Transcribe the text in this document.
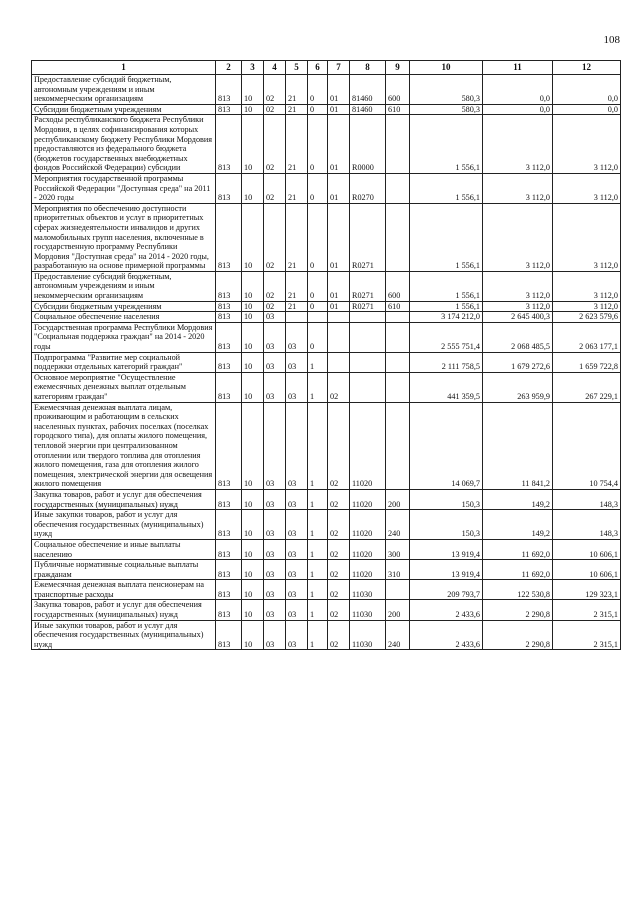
108
1	2	3	4	5	6	7	8	9	10	11	12
Предоставление субсидий бюджетным, автономным учреждениям и иным некоммерческим организациям	813	10	02	21	0	01	81460	600	580,3	0,0	0,0
Субсидии бюджетным учреждениям	813	10	02	21	0	01	81460	610	580,3	0,0	0,0
Расходы республиканского бюджета Республики Мордовия, в целях софинансирования которых республиканскому бюджету Республики Мордовия предоставляются из федерального бюджета (бюджетов государственных внебюджетных фондов Российской Федерации) субсидии	813	10	02	21	0	01	R0000		1 556,1	3 112,0	3 112,0
Мероприятия государственной программы Российской Федерации "Доступная среда" на 2011 - 2020 годы	813	10	02	21	0	01	R0270		1 556,1	3 112,0	3 112,0
Мероприятия по обеспечению доступности приоритетных объектов и услуг в приоритетных сферах жизнедеятельности инвалидов и других маломобильных групп населения, включенные в государственную программу Республики Мордовия "Доступная среда" на 2014 - 2020 годы, разработанную на основе примерной программы	813	10	02	21	0	01	R0271		1 556,1	3 112,0	3 112,0
Предоставление субсидий бюджетным, автономным учреждениям и иным некоммерческим организациям	813	10	02	21	0	01	R0271	600	1 556,1	3 112,0	3 112,0
Субсидии бюджетным учреждениям	813	10	02	21	0	01	R0271	610	1 556,1	3 112,0	3 112,0
Социальное обеспечение населения	813	10	03						3 174 212,0	2 645 400,3	2 623 579,6
Государственная программа Республики Мордовия "Социальная поддержка граждан" на 2014 - 2020 годы	813	10	03	03	0				2 555 751,4	2 068 485,5	2 063 177,1
Подпрограмма "Развитие мер социальной поддержки отдельных категорий граждан"	813	10	03	03	1				2 111 758,5	1 679 272,6	1 659 722,8
Основное мероприятие "Осуществление ежемесячных денежных выплат отдельным категориям граждан"	813	10	03	03	1	02			441 359,5	263 959,9	267 229,1
Ежемесячная денежная выплата лицам, проживающим и работающим в сельских населенных пунктах, рабочих поселках (поселках городского типа), для оплаты жилого помещения, тепловой энергии при централизованном отоплении или твердого топлива для отопления жилого помещения, газа для отопления жилого помещения, электрической энергии для освещения жилого помещения	813	10	03	03	1	02	11020		14 069,7	11 841,2	10 754,4
Закупка товаров, работ и услуг для обеспечения государственных (муниципальных) нужд	813	10	03	03	1	02	11020	200	150,3	149,2	148,3
Иные закупки товаров, работ и услуг для обеспечения государственных (муниципальных) нужд	813	10	03	03	1	02	11020	240	150,3	149,2	148,3
Социальное обеспечение и иные выплаты населению	813	10	03	03	1	02	11020	300	13 919,4	11 692,0	10 606,1
Публичные нормативные социальные выплаты гражданам	813	10	03	03	1	02	11020	310	13 919,4	11 692,0	10 606,1
Ежемесячная денежная выплата пенсионерам на транспортные расходы	813	10	03	03	1	02	11030		209 793,7	122 530,8	129 323,1
Закупка товаров, работ и услуг для обеспечения государственных (муниципальных) нужд	813	10	03	03	1	02	11030	200	2 433,6	2 290,8	2 315,1
Иные закупки товаров, работ и услуг для обеспечения государственных (муниципальных) нужд	813	10	03	03	1	02	11030	240	2 433,6	2 290,8	2 315,1
